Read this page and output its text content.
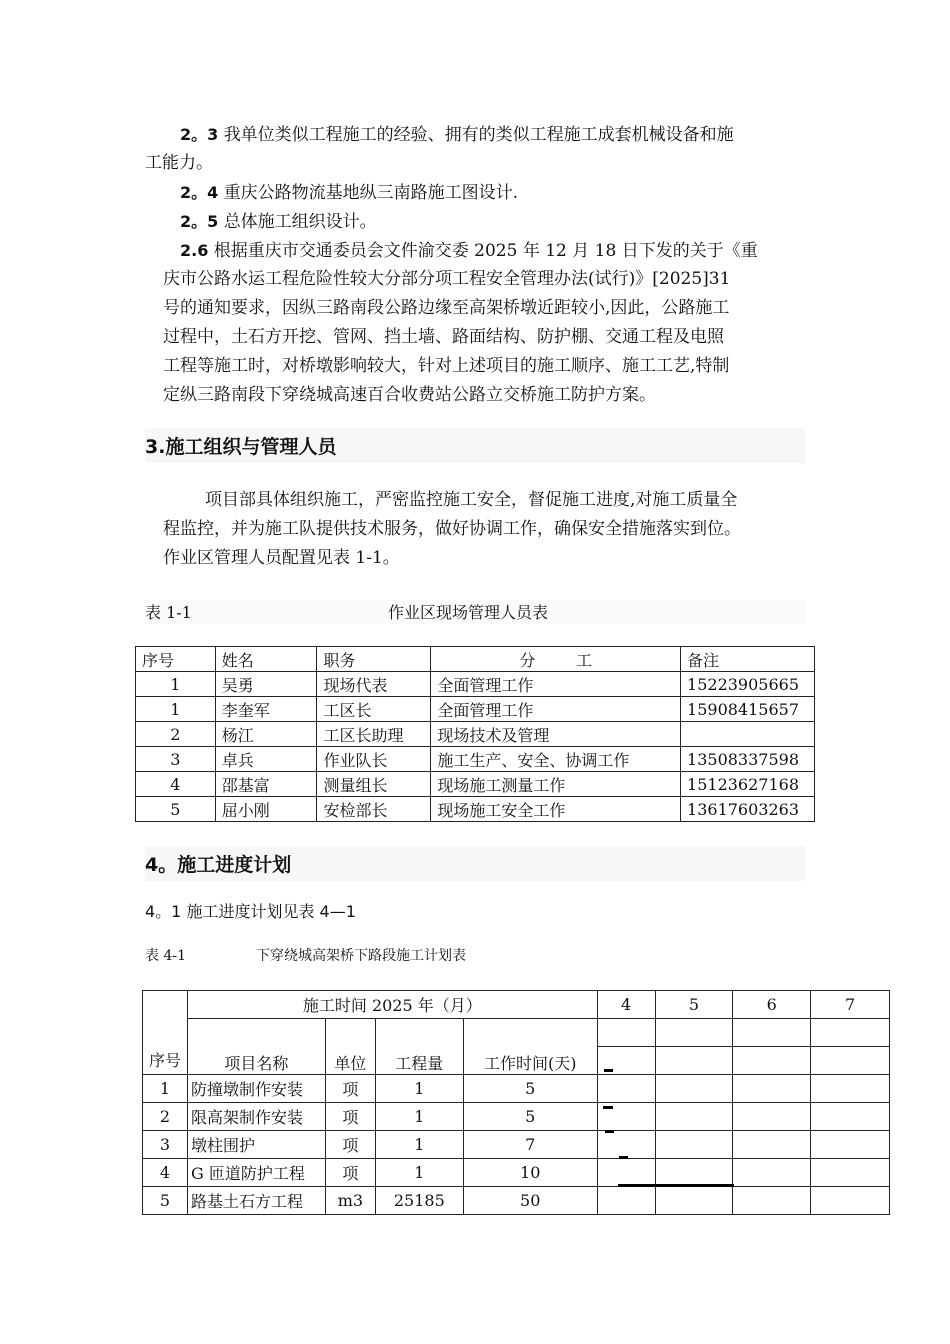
2。3 我单位类似工程施工的经验、拥有的类似工程施工成套机械设备和施
工能力。
2。4 重庆公路物流基地纵三南路施工图设计.
2。5 总体施工组织设计。
2.6 根据重庆市交通委员会文件渝交委 2025 年 12 月 18 日下发的关于《重
庆市公路水运工程危险性较大分部分项工程安全管理办法(试行)》[2025]31
号的通知要求，因纵三路南段公路边缘至高架桥墩近距较小,因此，公路施工
过程中，土石方开挖、管网、挡土墙、路面结构、防护棚、交通工程及电照
工程等施工时，对桥墩影响较大，针对上述项目的施工顺序、施工工艺,特制
定纵三路南段下穿绕城高速百合收费站公路立交桥施工防护方案。
3.施工组织与管理人员
项目部具体组织施工，严密监控施工安全，督促施工进度,对施工质量全
程监控，并为施工队提供技术服务，做好协调工作，确保安全措施落实到位。
作业区管理人员配置见表 1-1。
表 1-1	作业区现场管理人员表
序号	姓名	职务	分        工	备注
1	吴勇	现场代表	全面管理工作	15223905665
1	李奎军	工区长	全面管理工作	15908415657
2	杨江	工区长助理	现场技术及管理	
3	卓兵	作业队长	施工生产、安全、协调工作	13508337598
4	邵基富	测量组长	现场施工测量工作	15123627168
5	屈小刚	安检部长	现场施工安全工作	13617603263
4。施工进度计划
4。1 施工进度计划见表 4—1
表 4-1	下穿绕城高架桥下路段施工计划表
序号	施工时间 2025 年（月）				4	5	6	7
	项目名称	单位	工程量	工作时间(天)				

1	防撞墩制作安装	项	1	5				
2	限高架制作安装	项	1	5				
3	墩柱围护	项	1	7				
4	G 匝道防护工程	项	1	10				
5	路基土石方工程	m3	25185	50				
